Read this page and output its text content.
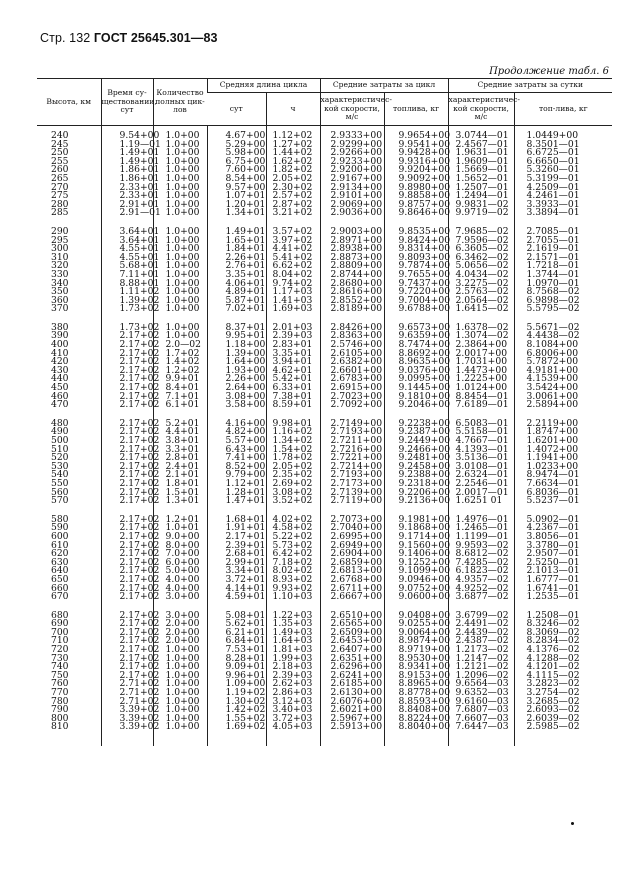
Стр. 132 ГОСТ 25645.301—83
Продолжение табл. 6
Высота, км	Время су-ществовании, сут	Количество полных цик-лов	Средняя длина цикла		Средние затраты за цикл		Средние затраты за сутки	
			сут	ч	характеристичес-кой скорости, м/с	топлива, кг	характеристичес-кой скорости, м/с	топ-лива, кг

240	9.54+00	1.0+00	4.67+00	1.12+02	2.9333+00	9.9654+00	3.0744—01	1.0449+00
245	1.19—01	1.0+00	5.29+00	1.27+02	2.9299+00	9.9541+00	2.4567—01	8.3501—01
250	1.49+01	1.0+00	5.98+00	1.44+02	2.9266+00	9.9428+00	1.9631—01	6.6725—01
255	1.49+01	1.0+00	6.75+00	1.62+02	2.9233+00	9.9316+00	1.9609—01	6.6650—01
260	1.86+01	1.0+00	7.60+00	1.82+02	2.9200+00	9.9204+00	1.5669—01	5.3260—01
265	1.86+01	1.0+00	8.54+00	2.05+02	2.9167+00	9.9092+00	1.5652—01	5.3199—01
270	2.33+01	1.0+00	9.57+00	2.30+02	2.9134+00	9.8980+00	1.2507—01	4.2509—01
275	2.33+01	1.0+00	1.07+01	2.57+02	2.9101+00	9.8858+00	1.2494—01	4.2461—01
280	2.91+01	1.0+00	1.20+01	2.87+02	2.9069+00	9.8757+00	9.9831—02	3.3933—01
285	2.91—01	1.0+00	1.34+01	3.21+02	2.9036+00	9.8646+00	9.9719—02	3.3894—01

290	3.64+01	1.0+00	1.49+01	3.57+02	2.9003+00	9.8535+00	7.9685—02	2.7085—01
295	3.64+01	1.0+00	1.65+01	3.97+02	2.8971+00	9.8424+00	7.9596—02	2.7055—01
300	4.55+01	1.0+00	1.84+01	4.41+02	2.8938+00	9.8314+00	6.3605—02	2.1619—01
310	4.55+01	1.0+00	2.26+01	5.41+02	2.8873+00	9.8093+00	6.3462—02	2.1571—01
320	5.68+01	1.0+00	2.76+01	6.62+02	2.8809+00	9.7874+00	5.0656—02	1.7218—01
330	7.11+01	1.0+00	3.35+01	8.04+02	2.8744+00	9.7655+00	4.0434—02	1.3744—01
340	8.88+01	1.0+00	4.06+01	9.74+02	2.8680+00	9.7437+00	3.2275—02	1.0970—01
350	1.11+02	1.0+00	4.89+01	1.17+03	2.8616+00	9.7220+00	2.5763—02	8.7568—02
360	1.39+02	1.0+00	5.87+01	1.41+03	2.8552+00	9.7004+00	2.0564—02	6.9898—02
370	1.73+02	1.0+00	7.02+01	1.69+03	2.8189+00	9.6788+00	1.6415—02	5.5795—02

380	1.73+02	1.0+00	8.37+01	2.01+03	2.8426+00	9.6573+00	1.6378—02	5.5671—02
390	2.17+02	1.0+00	9.95+01	2.39+03	2.8363+00	9.6359+00	1.3074—02	4.4438—02
400	2.17+02	2.0—02	1.18+00	2.83+01	2.5746+00	8.7474+00	2.3864+00	8.1084+00
410	2.17+02	1.7+02	1.39+00	3.35+01	2.6105+00	8.8692+00	2.0017+00	6.8006+00
420	2.17+02	1.4+02	1.64+00	3.94+01	2.6382+00	8.9635+00	1.7031+00	5.7872+00
430	2.17+02	1.2+02	1.93+00	4.62+01	2.6601+00	9.0376+00	1.4473+00	4.9181+00
440	2.17+02	9.9+01	2.26+00	5.42+01	2.6783+00	9.0995+00	1.2225+00	4.1539+00
450	2.17+02	8.4+01	2.64+00	6.33+01	2.6915+00	9.1445+00	1.0124+00	3.5424+00
460	2.17+02	7.1+01	3.08+00	7.38+01	2.7023+00	9.1810+00	8.8454—01	3.0061+00
470	2.17+02	6.1+01	3.58+00	8.59+01	2.7092+00	9.2046+00	7.6189—01	2.5894+00

480	2.17+02	5.2+01	4.16+00	9.98+01	2.7149+00	9.2238+00	6.5083—01	2.2119+00
490	2.17+02	4.4+01	4.82+00	1.16+02	2.7193+00	9.2387+00	5.5158—01	1.8747+00
500	2.17+02	3.8+01	5.57+00	1.34+02	2.7211+00	9.2449+00	4.7667—01	1.6201+00
510	2.17+02	3.3+01	6.43+00	1.54+02	2.7216+00	9.2466+00	4.1393—01	1.4072+00
520	2.17+02	2.8+01	7.41+00	1.78+02	2.7221+00	9.2481+00	3.5136—01	1.1941+00
530	2.17+02	2.4+01	8.52+00	2.05+02	2.7214+00	9.2458+00	3.0108—01	1.0233+00
540	2.17+02	2.1+01	9.79+00	2.35+02	2.7193+00	9.2388+00	2.6324—01	8.9474—01
550	2.17+02	1.8+01	1.12+01	2.69+02	2.7173+00	9.2318+00	2.2546—01	7.6634—01
560	2.17+02	1.5+01	1.28+01	3.08+02	2.7139+00	9.2206+00	2.0017—01	6.8036—01
570	2.17+02	1.3+01	1.47+01	3.52+02	2.7119+00	9.2136+00	1.6251 01	5.5237—01

580	2.17+02	1.2+01	1.68+01	4.02+02	2.7073+00	9.1981+00	1.4976—01	5.0902—01
590	2.17+02	1.0+01	1.91+01	4.58+02	2.7040+00	9.1868+00	1.2465—01	4.2367—01
600	2.17+02	9.0+00	2.17+01	5.22+02	2.6995+00	9.1714+00	1.1199—01	3.8056—01
610	2.17+02	8.0+00	2.39+01	5.73+02	2.6949+00	9.1560+00	9.9593—02	3.3780—01
620	2.17+02	7.0+00	2.68+01	6.42+02	2.6904+00	9.1406+00	8.6812—02	2.9507—01
630	2.17+02	6.0+00	2.99+01	7.18+02	2.6859+00	9.1252+00	7.4285—02	2.5250—01
640	2.17+02	5.0+00	3.34+01	8.02+02	2.6813+00	9.1099+00	6.1823—02	2.1013—01
650	2.17+02	4.0+00	3.72+01	8.93+02	2.6768+00	9.0946+00	4.9357—02	1.6777—01
660	2.17+02	4.0+00	4.14+01	9.93+02	2.6711+00	9.0752+00	4.9252—02	1.6741—01
670	2.17+02	3.0+00	4.59+01	1.10+03	2.6667+00	9.0600+00	3.6877—02	1.2535—01

680	2.17+02	3.0+00	5.08+01	1.22+03	2.6510+00	9.0408+00	3.6799—02	1.2508—01
690	2.17+02	2.0+00	5.62+01	1.35+03	2.6565+00	9.0255+00	2.4491—02	8.3246—02
700	2.17+02	2.0+00	6.21+01	1.49+03	2.6509+00	9.0064+00	2.4439—02	8.3069—02
710	2.17+02	2.0+00	6.84+01	1.64+03	2.6453+00	8.9874+00	2.4387—02	8.2834—02
720	2.17+02	1.0+00	7.53+01	1.81+03	2.6407+00	8.9719+00	1.2173—02	4.1376—02
730	2.17+02	1.0+00	8.28+01	1.99+03	2.6351+00	8.9530+00	1.2147—02	4.1288—02
740	2.17+02	1.0+00	9.09+01	2.18+03	2.6296+00	8.9341+00	1.2121—02	4.1201—02
750	2.17+02	1.0+00	9.96+01	2.39+03	2.6241+00	8.9153+00	1.2096—02	4.1115—02
760	2.71+02	1.0+00	1.09+00	2.62+03	2.6185+00	8.8965+00	9.6564—03	3.2823—02
770	2.71+02	1.0+00	1.19+02	2.86+03	2.6130+00	8.8778+00	9.6352—03	3.2754—02
780	2.71+02	1.0+00	1.30+02	3.12+03	2.6076+00	8.8593+00	9.6160—03	3.2685—02
790	3.39+02	1.0+00	1.42+02	3.40+03	2.6021+00	8.8408+00	7.6807—03	2.6093—02
800	3.39+02	1.0+00	1.55+02	3.72+03	2.5967+00	8.8224+00	7.6607—03	2.6039—02
810	3.39+02	1.0+00	1.69+02	4.05+03	2.5913+00	8.8040+00	7.6447—03	2.5985—02
